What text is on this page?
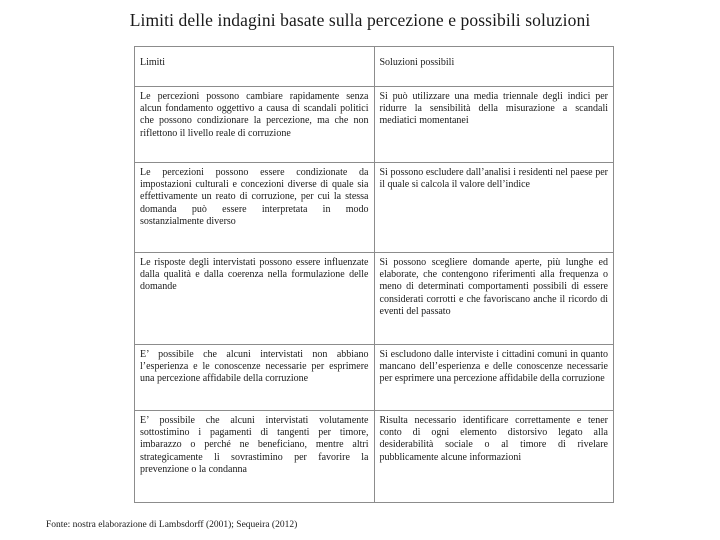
Limiti delle indagini basate sulla percezione e possibili soluzioni
Limiti	Soluzioni possibili
Le percezioni possono cambiare rapidamente senza alcun fondamento oggettivo a causa di scandali politici che possono condizionare la percezione, ma che non riflettono il livello reale di corruzione	Si può utilizzare una media triennale degli indici per ridurre la sensibilità della misurazione a scandali mediatici momentanei
Le percezioni possono essere condizionate da impostazioni culturali e concezioni diverse di quale sia effettivamente un reato di corruzione, per cui la stessa domanda può essere interpretata in modo sostanzialmente diverso	Si possono escludere dall’analisi i residenti nel paese per il quale si calcola il valore dell’indice
Le risposte degli intervistati possono essere influenzate dalla qualità e dalla coerenza nella formulazione delle domande	Si possono scegliere domande aperte, più lunghe ed elaborate, che contengono riferimenti alla frequenza o meno di determinati comportamenti possibili di essere considerati corrotti e che favoriscano anche il ricordo di eventi del passato
E’ possibile che alcuni intervistati non abbiano l’esperienza e le conoscenze necessarie per esprimere una percezione affidabile della corruzione	Si escludono dalle interviste i cittadini comuni in quanto mancano dell’esperienza e delle conoscenze necessarie per esprimere una percezione affidabile della corruzione
E’ possibile che alcuni intervistati volutamente sottostimino i pagamenti di tangenti per timore, imbarazzo o perché ne beneficiano, mentre altri strategicamente li sovrastimino per favorire la prevenzione o la condanna	Risulta necessario identificare correttamente e tener conto di ogni elemento distorsivo legato alla desiderabilità sociale o al timore di rivelare pubblicamente alcune informazioni
Fonte: nostra elaborazione di Lambsdorff (2001); Sequeira (2012)
